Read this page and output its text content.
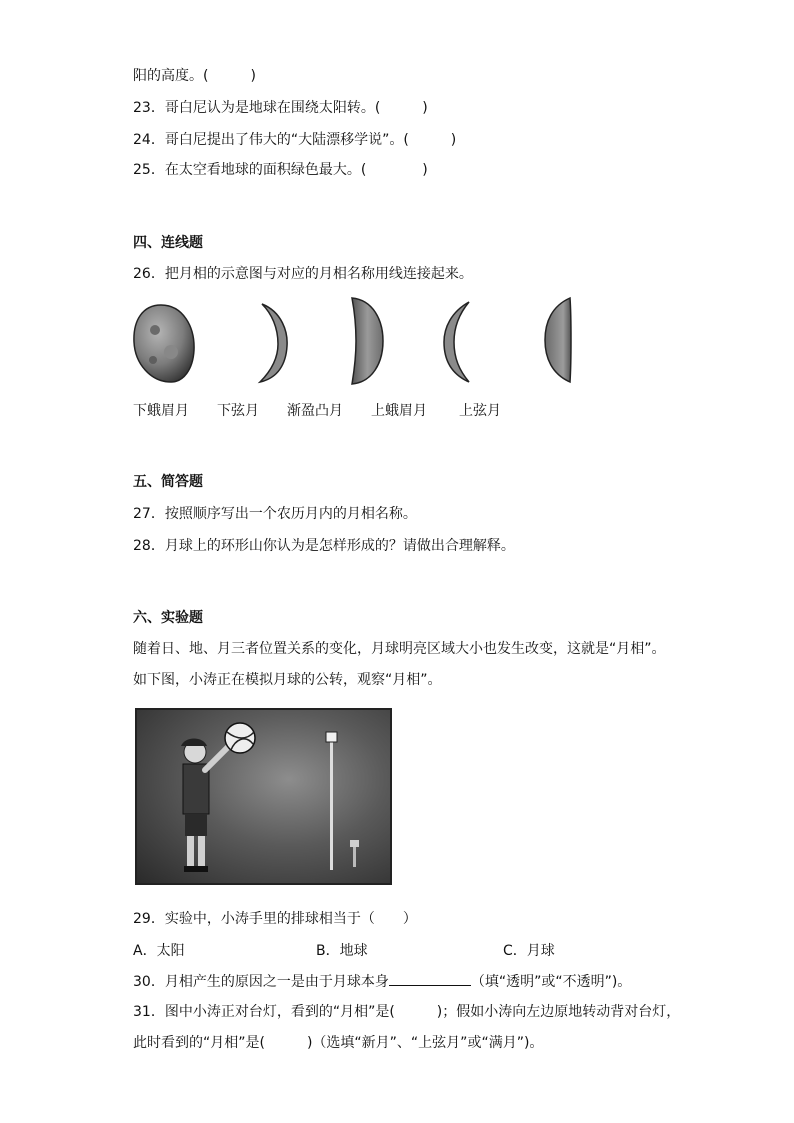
阳的高度。(　　　)
23．哥白尼认为是地球在围绕太阳转。(　　　)
24．哥白尼提出了伟大的“大陆漂移学说”。(　　　)
25．在太空看地球的面积绿色最大。(　　　　)
四、连线题
26．把月相的示意图与对应的月相名称用线连接起来。
下蛾眉月 下弦月 渐盈凸月 上蛾眉月 上弦月
五、简答题
27．按照顺序写出一个农历月内的月相名称。
28．月球上的环形山你认为是怎样形成的？请做出合理解释。
六、实验题
随着日、地、月三者位置关系的变化，月球明亮区域大小也发生改变，这就是“月相”。
如下图，小涛正在模拟月球的公转，观察“月相”。
29．实验中，小涛手里的排球相当于（　　）
A．太阳	B．地球	C．月球
30．月相产生的原因之一是由于月球本身	（填“透明”或“不透明”)。
31．图中小涛正对台灯，看到的“月相”是(　　　)；假如小涛向左边原地转动背对台灯，
此时看到的“月相”是(　　　)（选填“新月”、“上弦月”或“满月”)。
